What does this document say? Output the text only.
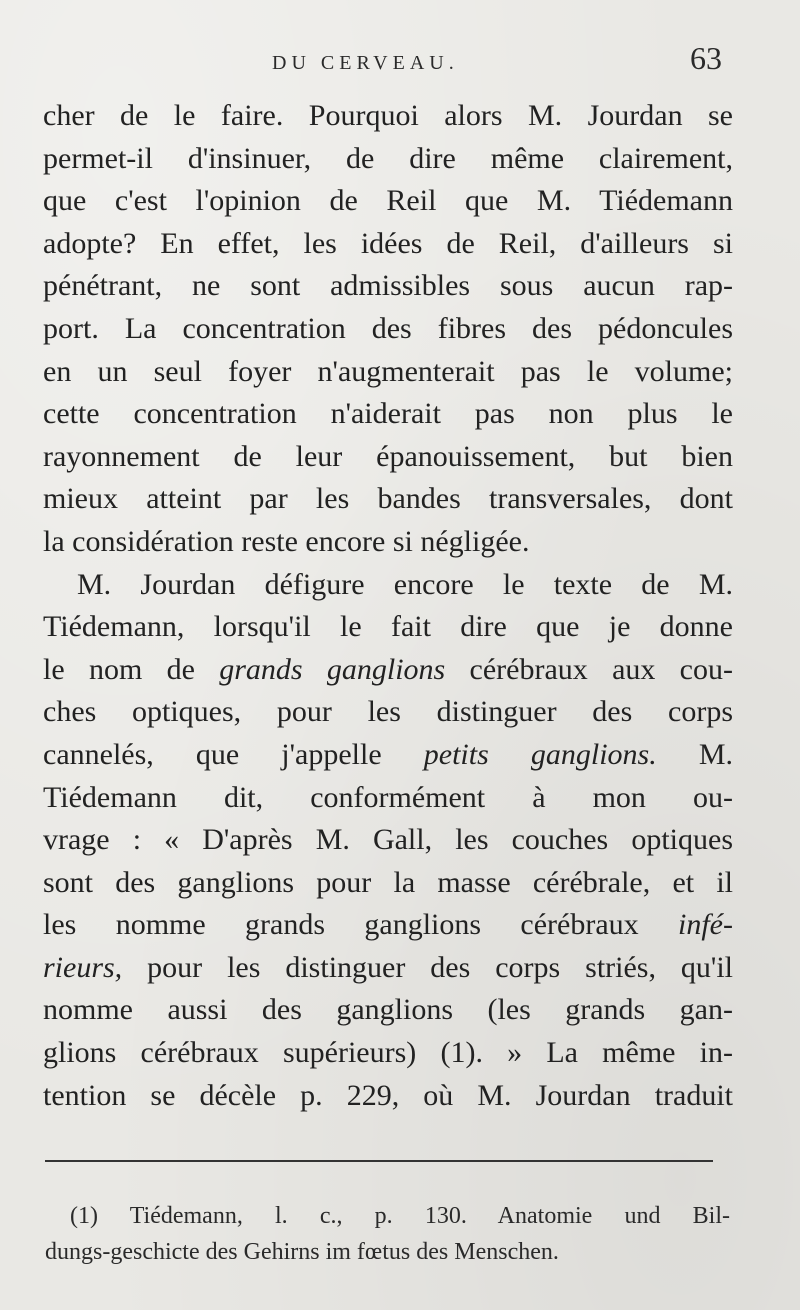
DU CERVEAU.	63
cher de le faire. Pourquoi alors M. Jourdan se
permet-il d'insinuer, de dire même clairement,
que c'est l'opinion de Reil que M. Tiédemann
adopte? En effet, les idées de Reil, d'ailleurs si
pénétrant, ne sont admissibles sous aucun rap-
port. La concentration des fibres des pédoncules
en un seul foyer n'augmenterait pas le volume;
cette concentration n'aiderait pas non plus le
rayonnement de leur épanouissement, but bien
mieux atteint par les bandes transversales, dont
la considération reste encore si négligée.
M. Jourdan défigure encore le texte de M.
Tiédemann, lorsqu'il le fait dire que je donne
le nom de grands ganglions cérébraux aux cou-
ches optiques, pour les distinguer des corps
cannelés, que j'appelle petits ganglions. M.
Tiédemann dit, conformément à mon ou-
vrage : « D'après M. Gall, les couches optiques
sont des ganglions pour la masse cérébrale, et il
les nomme grands ganglions cérébraux infé-
rieurs, pour les distinguer des corps striés, qu'il
nomme aussi des ganglions (les grands gan-
glions cérébraux supérieurs) (1). » La même in-
tention se décèle p. 229, où M. Jourdan traduit
(1) Tiédemann, l. c., p. 130. Anatomie und Bil-
dungs-geschicte des Gehirns im fœtus des Menschen.
